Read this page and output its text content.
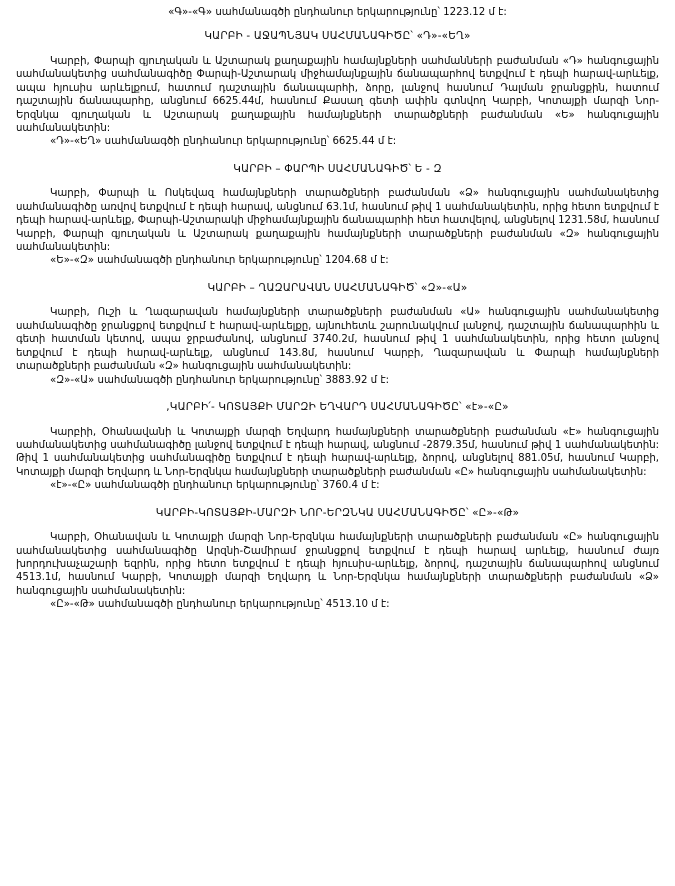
«Գ»-«Գ» սահմանագծի ընդհանուր երկարությունը՝ 1223.12 մ է:
ԿԱՐԲԻ - ԱՋԱՊՆՅԱԿ ՍԱՀՄԱՆԱԳԻԾԸ՝ «Դ»-«ԵՂ»

Կարբի, Փարպի գյուղական և Աշտարակ քաղաքային համայնքների սահմանների բաժանման «Դ» հանգուցային սահմանակետից սահմանագիծը Փարպի-Աշտարակ միջհամայնքային ճանապարհով ետքվում է դեպի հարավ-արևելք, ապա հյուսիս արևելքում, հատում դաշտային ճանապարհի, ձորը, լանջով հասնում Դալման ջրանցքին, հատում դաշտային ճանապարհը, անցնում 6625.44մ, հասնում Քասաղ գետի ափին գտնվող Կարբի, Կոտայքի մարզի Նոր-Երզնկա գյուղական և Աշտարակ քաղաքային համայնքների տարածքների բաժանման «Ե» հանգուցային սահմանակետին:

«Դ»-«ԵՂ» սահմանագծի ընդհանուր երկարությունը՝ 6625.44 մ է:
ԿԱՐԲԻ – ՓԱՐՊԻ ՍԱՀՄԱՆԱԳԻԾ՝ Ե - Զ

Կարբի, Փարպի և Ոսկեվազ համայնքների տարածքների բաժանման «Ձ» հանգուցային սահմանակետից սահմանագիծը առվով ետքվում է դեպի հարավ, անցնում 63.1մ, հասնում թիվ 1 սահմանակետին, որից հետո ետքվում է դեպի հարավ-արևելք, Փարպի-Աշտարակի միջհամայնքային ճանապարհի հետ հատվելով, անցնելով 1231.58մ, հասնում Կարբի, Փարպի գյուղական և Աշտարակ քաղաքային համայնքների տարածքների բաժանման «Զ» հանգուցային սահմանակետին:

«Ե»-«Զ» սահմանագծի ընդհանուր երկարությունը՝ 1204.68 մ է:
ԿԱՐԲԻ – ՂԱԶԱՐԱՎԱՆ ՍԱՀՄԱՆԱԳԻԾ՝ «Զ»-«Ա»

Կարբի, Ուշի և Ղազարավան համայնքների տարածքների բաժանման «Ա» հանգուցային սահմանակետից սահմանագիծը ջրանցքով ետքվում է հարավ-արևելքը, այնուհետև շարունակվում լանջով, դաշտային ճանապարհին և գետի հատման կետով, ապա ջրբաժանով, անցնում 3740.2մ, հասնում թիվ 1 սահմանակետին, որից հետո լանջով ետքվում է դեպի հարավ-արևելք, անցնում 143.8մ, հասնում Կարբի, Ղազարավան և Փարպի համայնքների տարածքների բաժանման «Զ» հանգուցային սահմանակետին:

«Զ»-«Ա» սահմանագծի ընդհանուր երկարությունը՝ 3883.92 մ է:
,ԿԱՐԲԻ՛- ԿՈՏԱՅՔԻ ՄԱՐԶԻ ԵՂՎԱՐԴ ՍԱՀՄԱՆԱԳԻԾԸ՝ «է»-«Ը»

Կարբիի, Օհանավանի և Կոտայքի մարզի Եղվարդ համայնքների տարածքների բաժանման «Է» հանգուցային սահմանակետից սահմանագիծը լանջով ետքվում է դեպի հարավ, անցնում -2879.35մ, հասնում թիվ 1 սահմանակետին: Թիվ 1 սահմանակետից սահմանագիծը ետքվում է դեպի հարավ-արևելք, ձորով, անցնելով 881.05մ, հասնում Կարբի, Կոտայքի մարզի Եղվարդ և Նոր-Երզնկա համայնքների տարածքների բաժանման «Ը» հանգուցային սահմանակետին:

«է»-«Ը» սահմանագծի ընդհանուր երկարությունը՝ 3760.4 մ է:
ԿԱՐԲԻ-ԿՈՏԱՅՔԻ-ՄԱՐԶԻ ՆՈՐ-ԵՐԶՆԿԱ ՍԱՀՄԱՆԱԳԻԾԸ՝ «Ը»-«Թ»

Կարբի, Օհանավան և Կոտայքի մարզի Նոր-Երզնկա համայնքների տարածքների բաժանման «Ը» հանգուցային սահմանակետից սահմանագիծը Արզնի-Շամիրամ ջրանցքով ետքվում է դեպի հարավ արևելք, հասնում ժայռ խորդուխաչաշարի եզրին, որից հետո ետքվում է դեպի հյուսիս-արևելք, ձորով, դաշտային ճանապարհով անցնում 4513.1մ, հասնում Կարբի, Կոտայքի մարզի Եղվարդ և Նոր-Երզնկա համայնքների տարածքների բաժանման «Ձ» հանգուցային սահմանակետին:

«Ը»-«Թ» սահմանագծի ընդհանուր երկարությունը՝ 4513.10 մ է:
